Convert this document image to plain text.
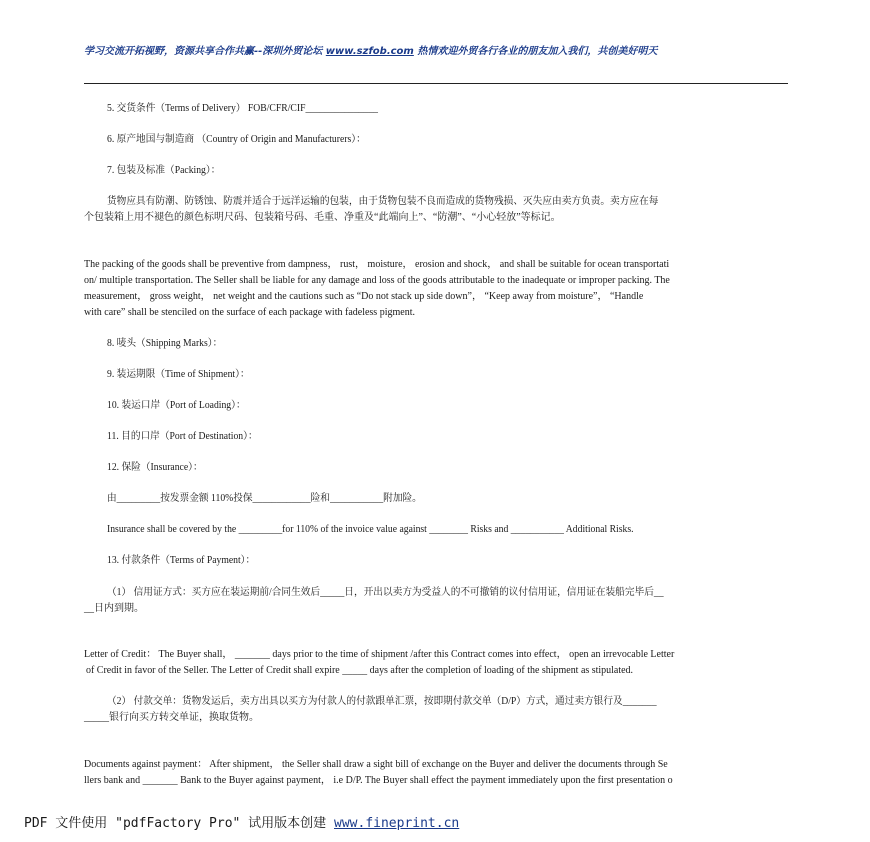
学习交流开拓视野，资源共享合作共赢--深圳外贸论坛 www.szfob.com 热情欢迎外贸各行各业的朋友加入我们，共创美好明天
5. 交货条件（Terms of Delivery） FOB/CFR/CIF_______________
6. 原产地国与制造商 （Country of Origin and Manufacturers）：
7. 包装及标准（Packing）：
货物应具有防潮、防锈蚀、防震并适合于远洋运输的包装，由于货物包装不良而造成的货物残损、灭失应由卖方负责。卖方应在每
个包装箱上用不褪色的颜色标明尺码、包装箱号码、毛重、净重及“此端向上”、“防潮”、“小心轻放”等标记。
The packing of the goods shall be preventive from dampness， rust， moisture， erosion and shock， and shall be suitable for ocean transportati
on/ multiple transportation. The Seller shall be liable for any damage and loss of the goods attributable to the inadequate or improper packing. The
measurement， gross weight， net weight and the cautions such as “Do not stack up side down”， “Keep away from moisture”， “Handle
with care” shall be stenciled on the surface of each package with fadeless pigment.
8. 唛头（Shipping Marks）：
9. 装运期限（Time of Shipment）：
10. 装运口岸（Port of Loading）：
11. 目的口岸（Port of Destination）：
12. 保险（Insurance）：
由_________按发票金额 110%投保____________险和___________附加险。
Insurance shall be covered by the _________for 110% of the invoice value against ________ Risks and ___________ Additional Risks.
13. 付款条件（Terms of Payment）：
（1） 信用证方式：买方应在装运期前/合同生效后_____日，开出以卖方为受益人的不可撤销的议付信用证，信用证在装船完毕后__
__日内到期。
Letter of Credit： The Buyer shall， _______ days prior to the time of shipment /after this Contract comes into effect， open an irrevocable Letter
of Credit in favor of the Seller. The Letter of Credit shall expire _____ days after the completion of loading of the shipment as stipulated.
（2） 付款交单：货物发运后，卖方出具以买方为付款人的付款跟单汇票，按即期付款交单（D/P）方式，通过卖方银行及_______
_____银行向买方转交单证，换取货物。
Documents against payment： After shipment， the Seller shall draw a sight bill of exchange on the Buyer and deliver the documents through Se
llers bank and _______ Bank to the Buyer against payment， i.e D/P. The Buyer shall effect the payment immediately upon the first presentation o
PDF 文件使用 "pdfFactory Pro" 试用版本创建 www.fineprint.cn
